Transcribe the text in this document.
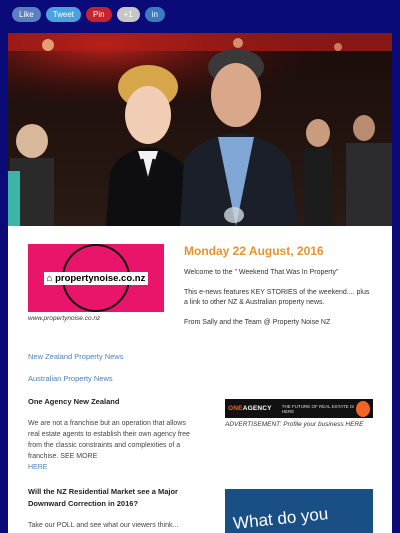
Like	Tweet	Pin	+1	in
⌂ propertynoise.co.nz
www.propertynoise.co.nz

Monday 22 August, 2016

Welcome to the " Weekend That Was In Property"

This e-news features KEY STORIES of the weekend.... plus a link to other NZ & Australian property news.

From Sally and the Team @ Property Noise NZ

New Zealand Property News
Australian Property News
One Agency New Zealand
We are not a franchise but an operation that allows real estate agents to establish their own agency free from the classic constraints and complexities of a franchise. SEE MORE
HERE
ONEAGENCY THE FUTURE OF REAL ESTATE IS HERE
ADVERTISEMENT: Profile your business HERE
Will the NZ Residential Market see a Major Downward Correction in 2016?
Take our POLL and see what our viewers think...	What do you
